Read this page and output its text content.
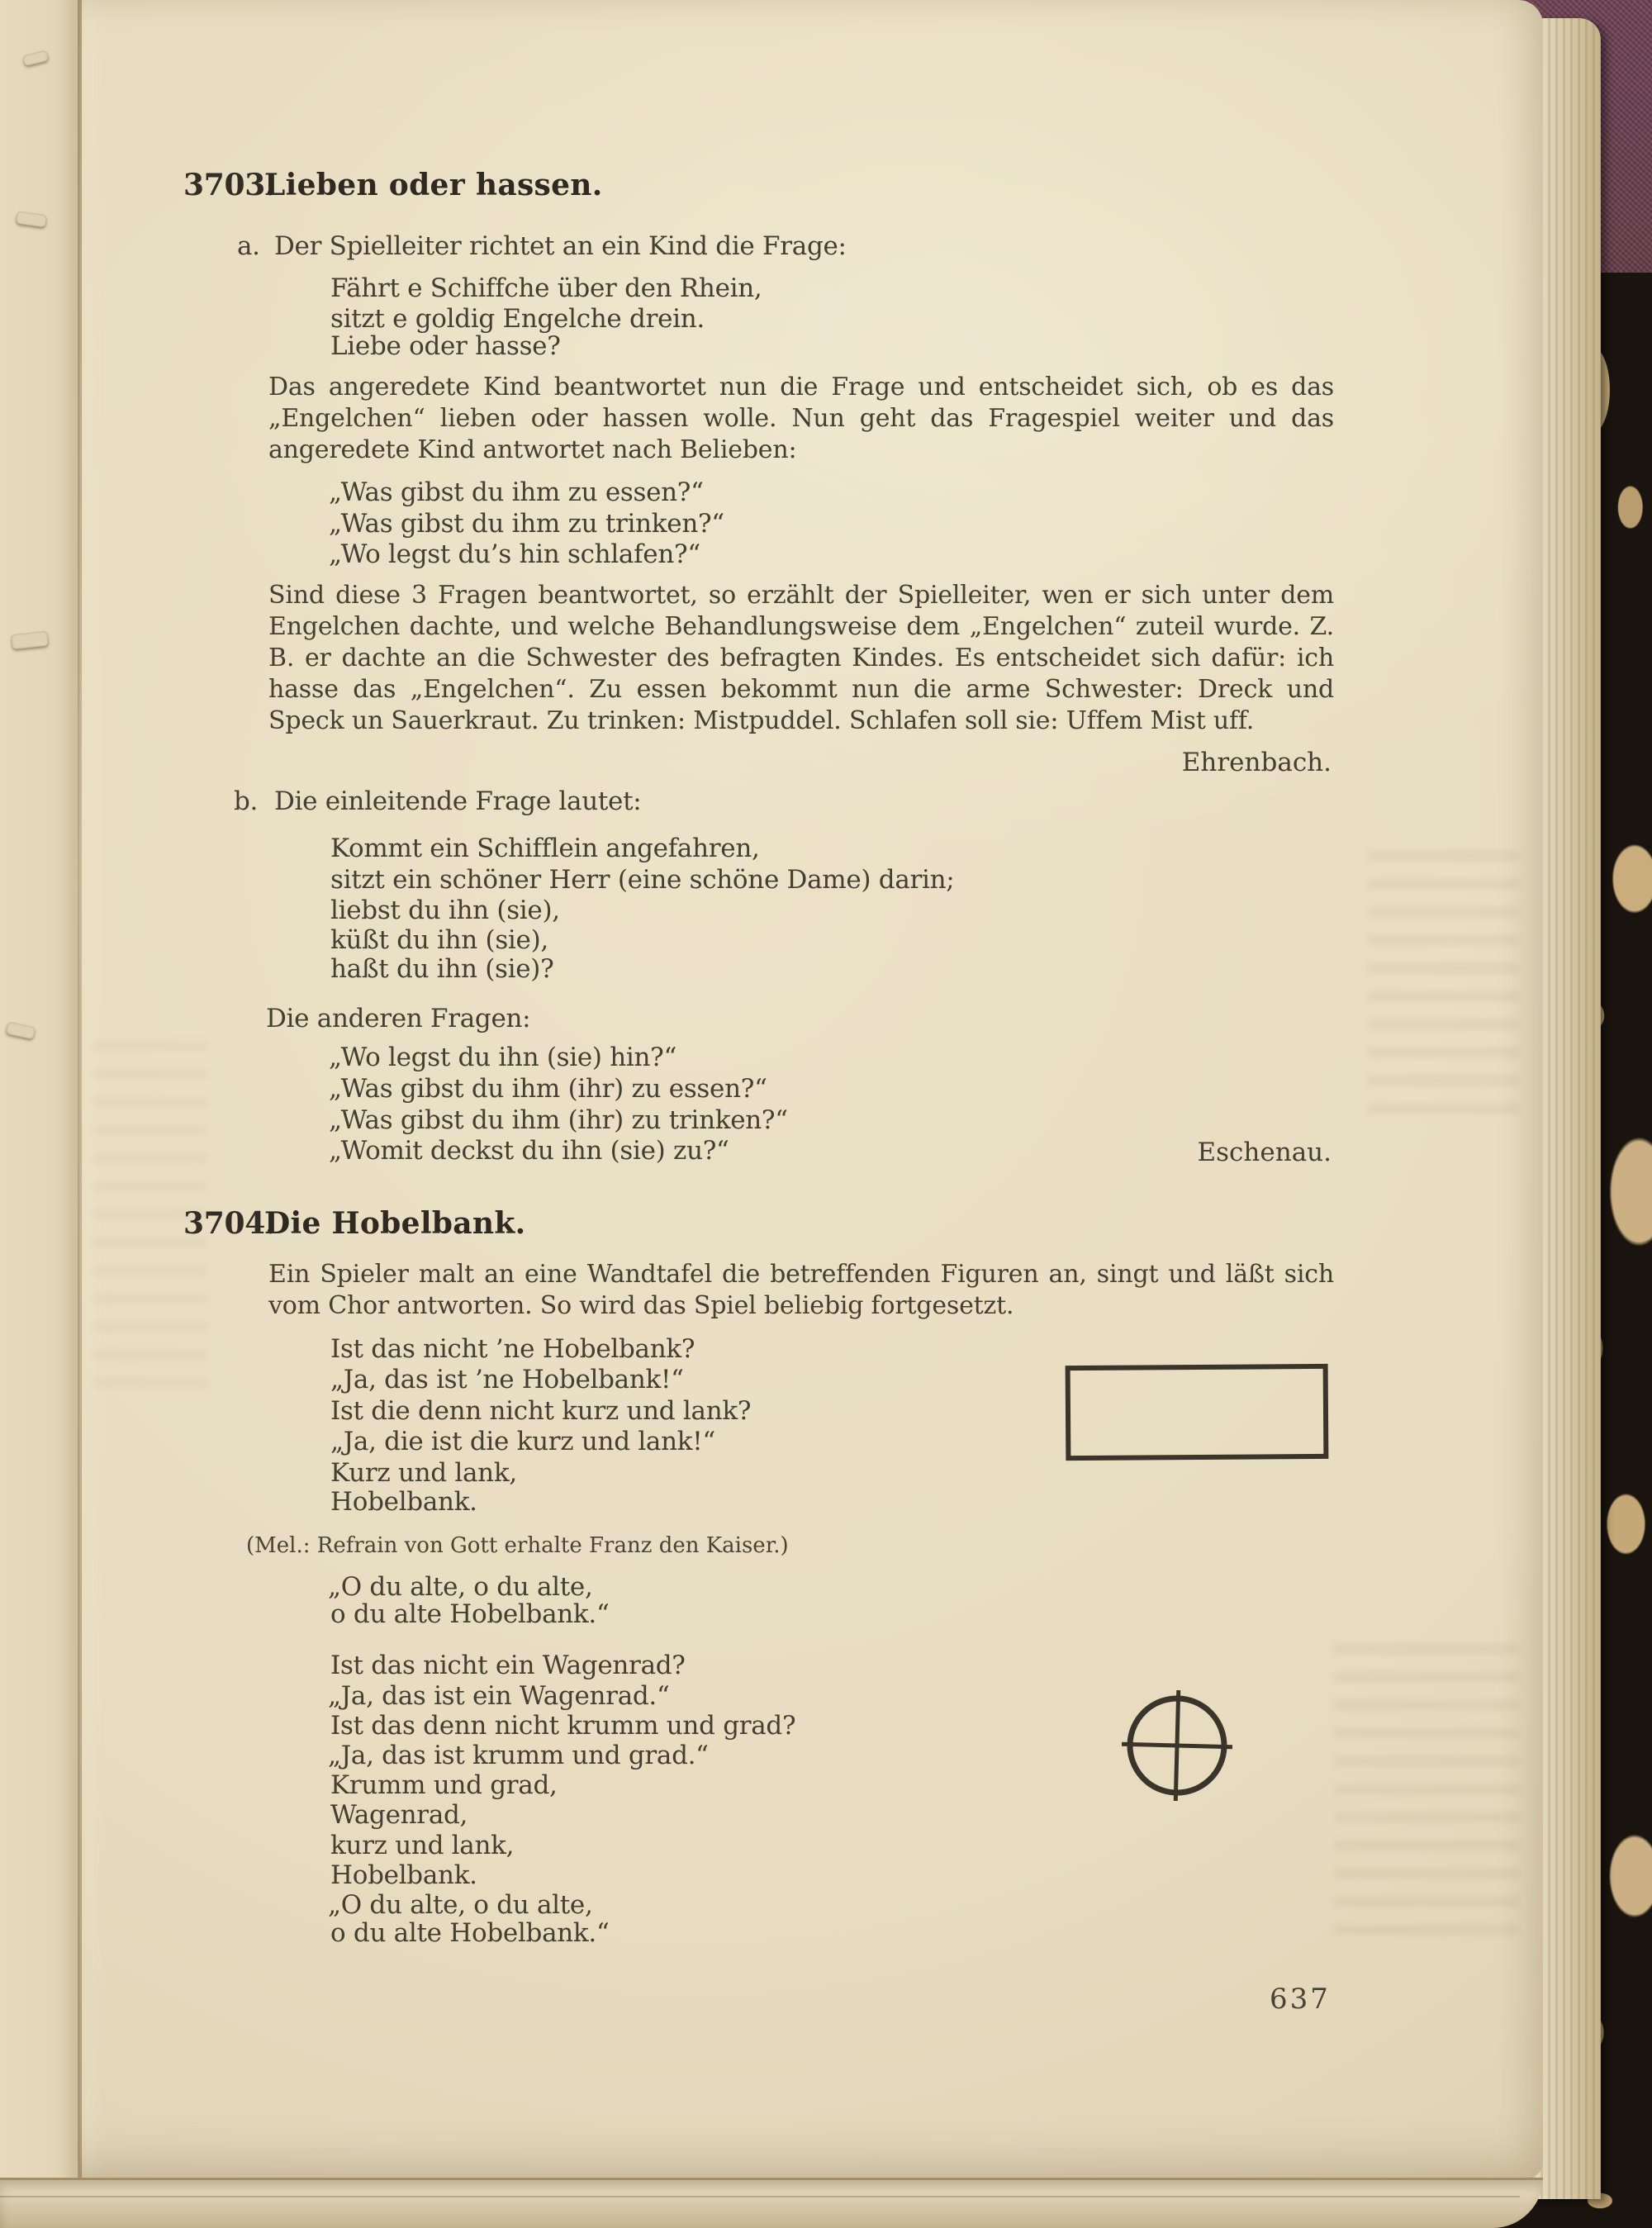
3703.
Lieben oder hassen.
a. Der Spielleiter richtet an ein Kind die Frage:
Fährt e Schiffche über den Rhein,
sitzt e goldig Engelche drein.
Liebe oder hasse?
Das angeredete Kind beantwortet nun die Frage und entscheidet sich, ob es das „Engelchen“ lieben oder hassen wolle. Nun geht das Fragespiel weiter und das angeredete Kind antwortet nach Belieben:
„Was gibst du ihm zu essen?“
„Was gibst du ihm zu trinken?“
„Wo legst du’s hin schlafen?“
Sind diese 3 Fragen beantwortet, so erzählt der Spielleiter, wen er sich unter dem Engelchen dachte, und welche Behandlungsweise dem „Engelchen“ zuteil wurde. Z. B. er dachte an die Schwester des befragten Kindes. Es entscheidet sich dafür: ich hasse das „Engelchen“. Zu essen bekommt nun die arme Schwester: Dreck und Speck un Sauerkraut. Zu trinken: Mistpuddel. Schlafen soll sie: Uffem Mist uff.
Ehrenbach.
b. Die einleitende Frage lautet:
Kommt ein Schifflein angefahren,
sitzt ein schöner Herr (eine schöne Dame) darin;
liebst du ihn (sie),
küßt du ihn (sie),
haßt du ihn (sie)?
Die anderen Fragen:
„Wo legst du ihn (sie) hin?“
„Was gibst du ihm (ihr) zu essen?“
„Was gibst du ihm (ihr) zu trinken?“
„Womit deckst du ihn (sie) zu?“	Eschenau.
3704.
Die Hobelbank.
Ein Spieler malt an eine Wandtafel die betreffenden Figuren an, singt und läßt sich vom Chor antworten. So wird das Spiel beliebig fortgesetzt.
Ist das nicht ’ne Hobelbank?
„Ja, das ist ’ne Hobelbank!“
Ist die denn nicht kurz und lank?
„Ja, die ist die kurz und lank!“
Kurz und lank,
Hobelbank.
(Mel.: Refrain von Gott erhalte Franz den Kaiser.)
„O du alte, o du alte,
o du alte Hobelbank.“
Ist das nicht ein Wagenrad?
„Ja, das ist ein Wagenrad.“
Ist das denn nicht krumm und grad?
„Ja, das ist krumm und grad.“
Krumm und grad,
Wagenrad,
kurz und lank,
Hobelbank.
„O du alte, o du alte,
o du alte Hobelbank.“
637
